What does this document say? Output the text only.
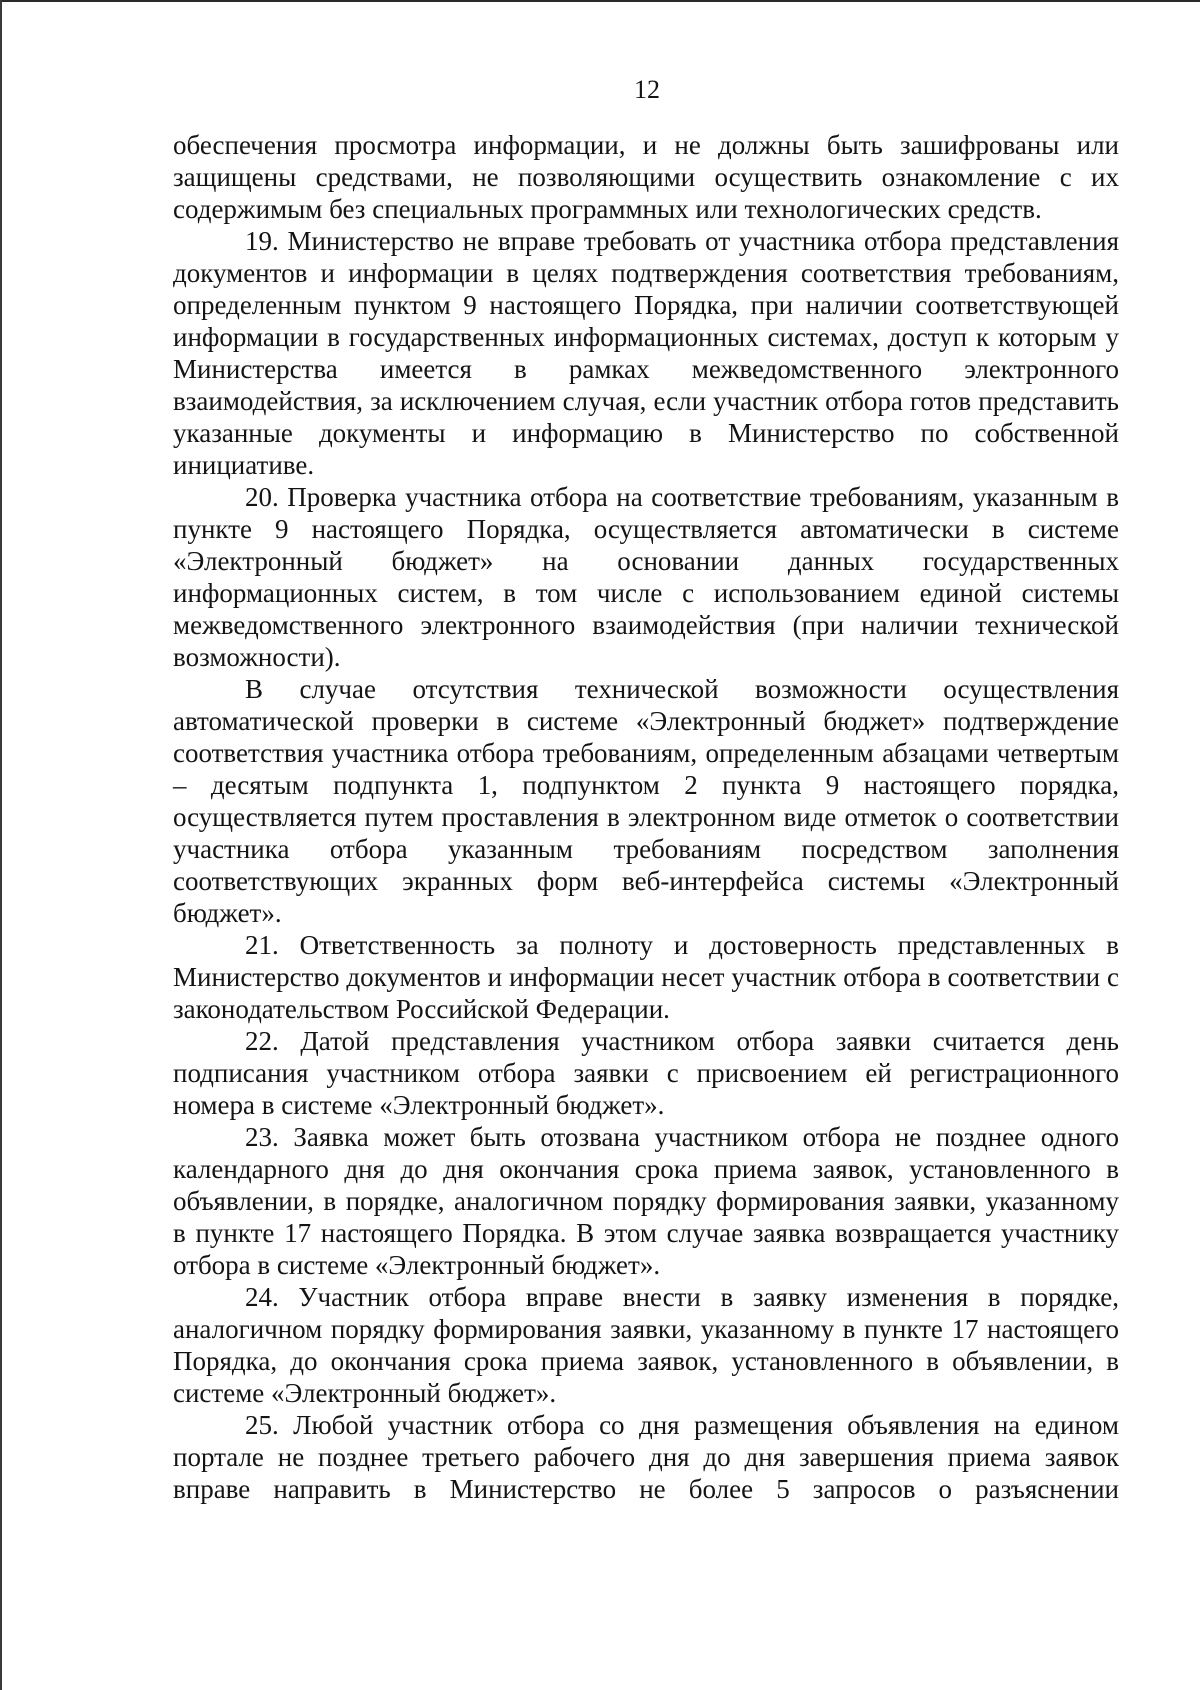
12

обеспечения просмотра информации, и не должны быть зашифрованы или защищены средствами, не позволяющими осуществить ознакомление с их содержимым без специальных программных или технологических средств.

19. Министерство не вправе требовать от участника отбора представления документов и информации в целях подтверждения соответствия требованиям, определенным пунктом 9 настоящего Порядка, при наличии соответствующей информации в государственных информационных системах, доступ к которым у Министерства имеется в рамках межведомственного электронного взаимодействия, за исключением случая, если участник отбора готов представить указанные документы и информацию в Министерство по собственной инициативе.

20. Проверка участника отбора на соответствие требованиям, указанным в пункте 9 настоящего Порядка, осуществляется автоматически в системе «Электронный бюджет» на основании данных государственных информационных систем, в том числе с использованием единой системы межведомственного электронного взаимодействия (при наличии технической возможности).

В случае отсутствия технической возможности осуществления автоматической проверки в системе «Электронный бюджет» подтверждение соответствия участника отбора требованиям, определенным абзацами четвертым – десятым подпункта 1, подпунктом 2 пункта 9 настоящего порядка, осуществляется путем проставления в электронном виде отметок о соответствии участника отбора указанным требованиям посредством заполнения соответствующих экранных форм веб-интерфейса системы «Электронный бюджет».

21. Ответственность за полноту и достоверность представленных в Министерство документов и информации несет участник отбора в соответствии с законодательством Российской Федерации.

22. Датой представления участником отбора заявки считается день подписания участником отбора заявки с присвоением ей регистрационного номера в системе «Электронный бюджет».

23. Заявка может быть отозвана участником отбора не позднее одного календарного дня до дня окончания срока приема заявок, установленного в объявлении, в порядке, аналогичном порядку формирования заявки, указанному в пункте 17 настоящего Порядка. В этом случае заявка возвращается участнику отбора в системе «Электронный бюджет».

24. Участник отбора вправе внести в заявку изменения в порядке, аналогичном порядку формирования заявки, указанному в пункте 17 настоящего Порядка, до окончания срока приема заявок, установленного в объявлении, в системе «Электронный бюджет».

25. Любой участник отбора со дня размещения объявления на едином портале не позднее третьего рабочего дня до дня завершения приема заявок вправе направить в Министерство не более 5 запросов о разъяснении
